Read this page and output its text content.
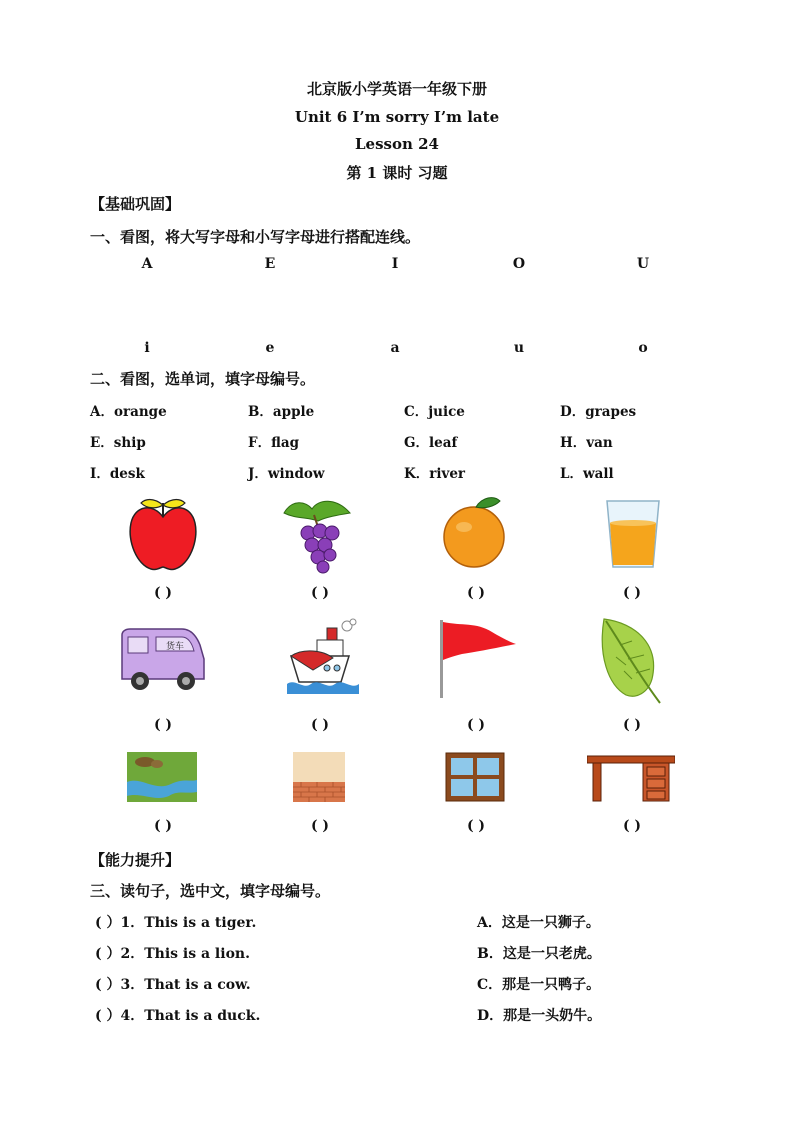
北京版小学英语一年级下册
Unit 6 I’m sorry I’m late
Lesson 24
第 1 课时 习题
【基础巩固】
一、看图，将大写字母和小写字母进行搭配连线。
A	E	I	O	U
i	e	a	u	o
二、看图，选单词，填字母编号。
A．orange	B．apple	C．juice	D．grapes
E．ship	F．flag	G．leaf	H．van
I．desk	J．window	K．river	L．wall
( )	( )	( )	( )
货车
( )	( )	( )	( )
( )	( )	( )	( )
【能力提升】
三、读句子，选中文，填字母编号。
( ）1．This is a tiger.
( ）2．This is a lion.
( ）3．That is a cow.
( ）4．That is a duck.
A．这是一只狮子。
B．这是一只老虎。
C．那是一只鸭子。
D．那是一头奶牛。
